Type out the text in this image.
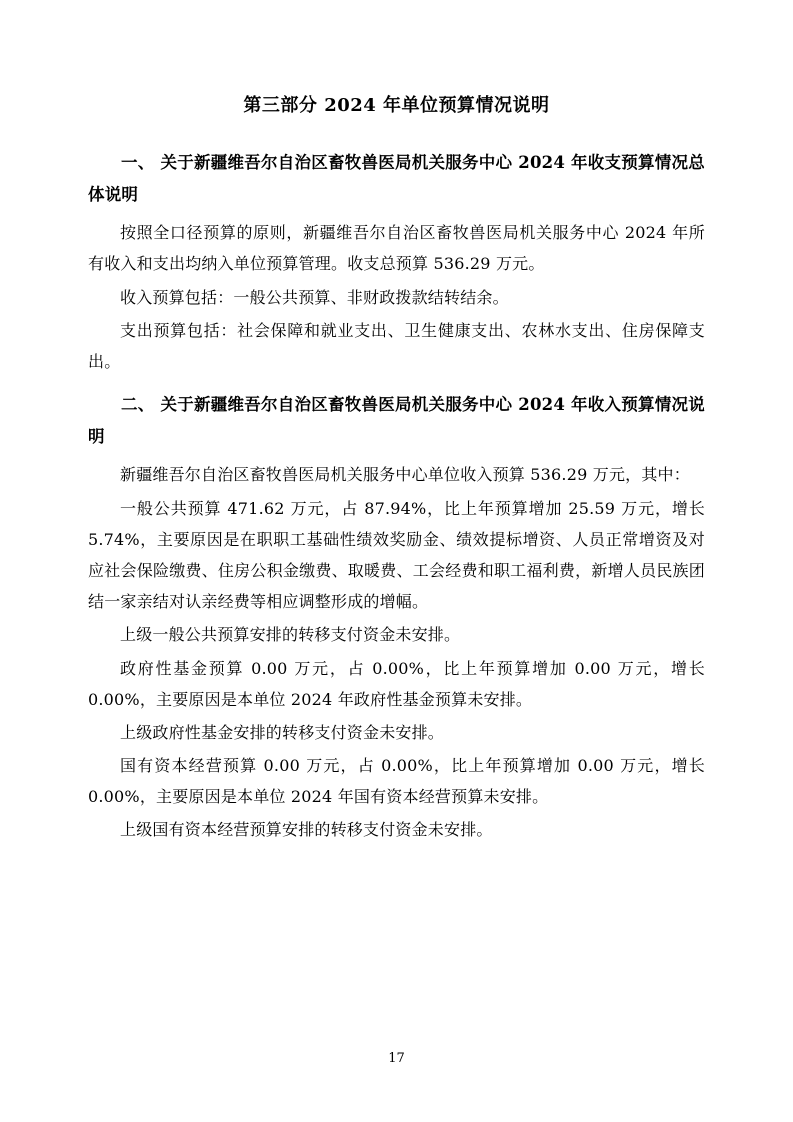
第三部分 2024 年单位预算情况说明

一、 关于新疆维吾尔自治区畜牧兽医局机关服务中心 2024 年收支预算情况总体说明

按照全口径预算的原则，新疆维吾尔自治区畜牧兽医局机关服务中心 2024 年所有收入和支出均纳入单位预算管理。收支总预算 536.29 万元。

收入预算包括：一般公共预算、非财政拨款结转结余。

支出预算包括：社会保障和就业支出、卫生健康支出、农林水支出、住房保障支出。

二、 关于新疆维吾尔自治区畜牧兽医局机关服务中心 2024 年收入预算情况说明

新疆维吾尔自治区畜牧兽医局机关服务中心单位收入预算 536.29 万元，其中：

一般公共预算 471.62 万元，占 87.94%，比上年预算增加 25.59 万元，增长 5.74%，主要原因是在职职工基础性绩效奖励金、绩效提标增资、人员正常增资及对应社会保险缴费、住房公积金缴费、取暖费、工会经费和职工福利费，新增人员民族团结一家亲结对认亲经费等相应调整形成的增幅。

上级一般公共预算安排的转移支付资金未安排。

政府性基金预算 0.00 万元，占 0.00%，比上年预算增加 0.00 万元，增长 0.00%，主要原因是本单位 2024 年政府性基金预算未安排。

上级政府性基金安排的转移支付资金未安排。

国有资本经营预算 0.00 万元，占 0.00%，比上年预算增加 0.00 万元，增长 0.00%，主要原因是本单位 2024 年国有资本经营预算未安排。

上级国有资本经营预算安排的转移支付资金未安排。

17
